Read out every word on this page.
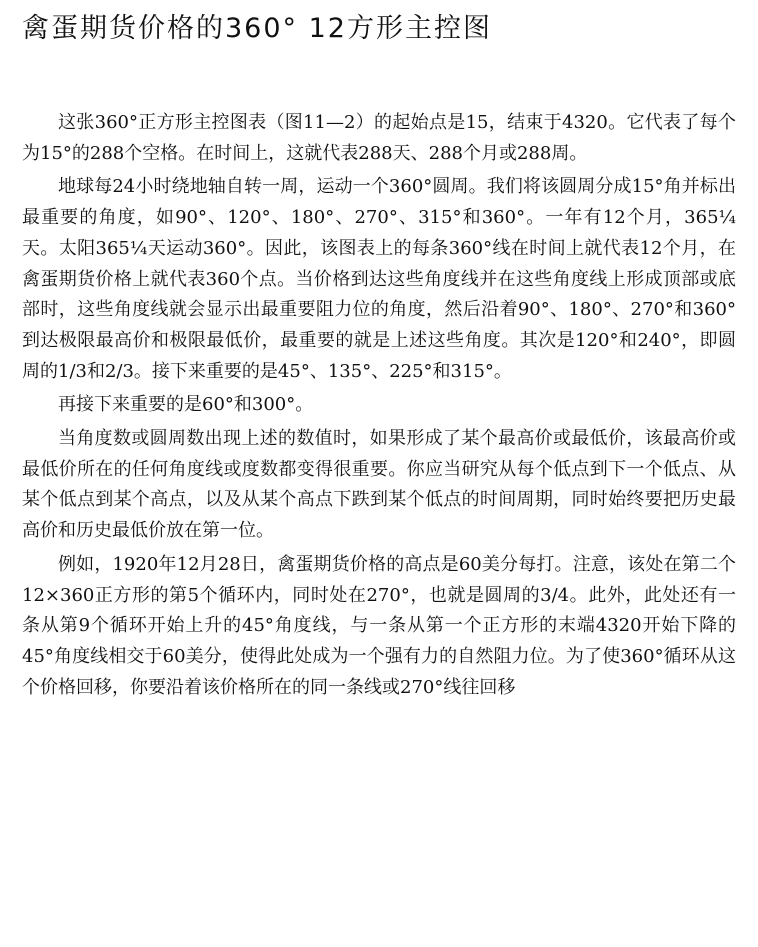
禽蛋期货价格的360° 12方形主控图

这张360°正方形主控图表（图11—2）的起始点是15，结束于4320。它代表了每个为15°的288个空格。在时间上，这就代表288天、288个月或288周。

地球每24小时绕地轴自转一周，运动一个360°圆周。我们将该圆周分成15°角并标出最重要的角度，如90°、120°、180°、270°、315°和360°。一年有12个月，365¼天。太阳365¼天运动360°。因此，该图表上的每条360°线在时间上就代表12个月，在禽蛋期货价格上就代表360个点。当价格到达这些角度线并在这些角度线上形成顶部或底部时，这些角度线就会显示出最重要阻力位的角度，然后沿着90°、180°、270°和360°到达极限最高价和极限最低价，最重要的就是上述这些角度。其次是120°和240°，即圆周的1/3和2/3。接下来重要的是45°、135°、225°和315°。

再接下来重要的是60°和300°。

当角度数或圆周数出现上述的数值时，如果形成了某个最高价或最低价，该最高价或最低价所在的任何角度线或度数都变得很重要。你应当研究从每个低点到下一个低点、从某个低点到某个高点，以及从某个高点下跌到某个低点的时间周期，同时始终要把历史最高价和历史最低价放在第一位。

例如，1920年12月28日，禽蛋期货价格的高点是60美分每打。注意，该处在第二个12×360正方形的第5个循环内，同时处在270°，也就是圆周的3/4。此外，此处还有一条从第9个循环开始上升的45°角度线，与一条从第一个正方形的末端4320开始下降的45°角度线相交于60美分，使得此处成为一个强有力的自然阻力位。为了使360°循环从这个价格回移，你要沿着该价格所在的同一条线或270°线往回移
